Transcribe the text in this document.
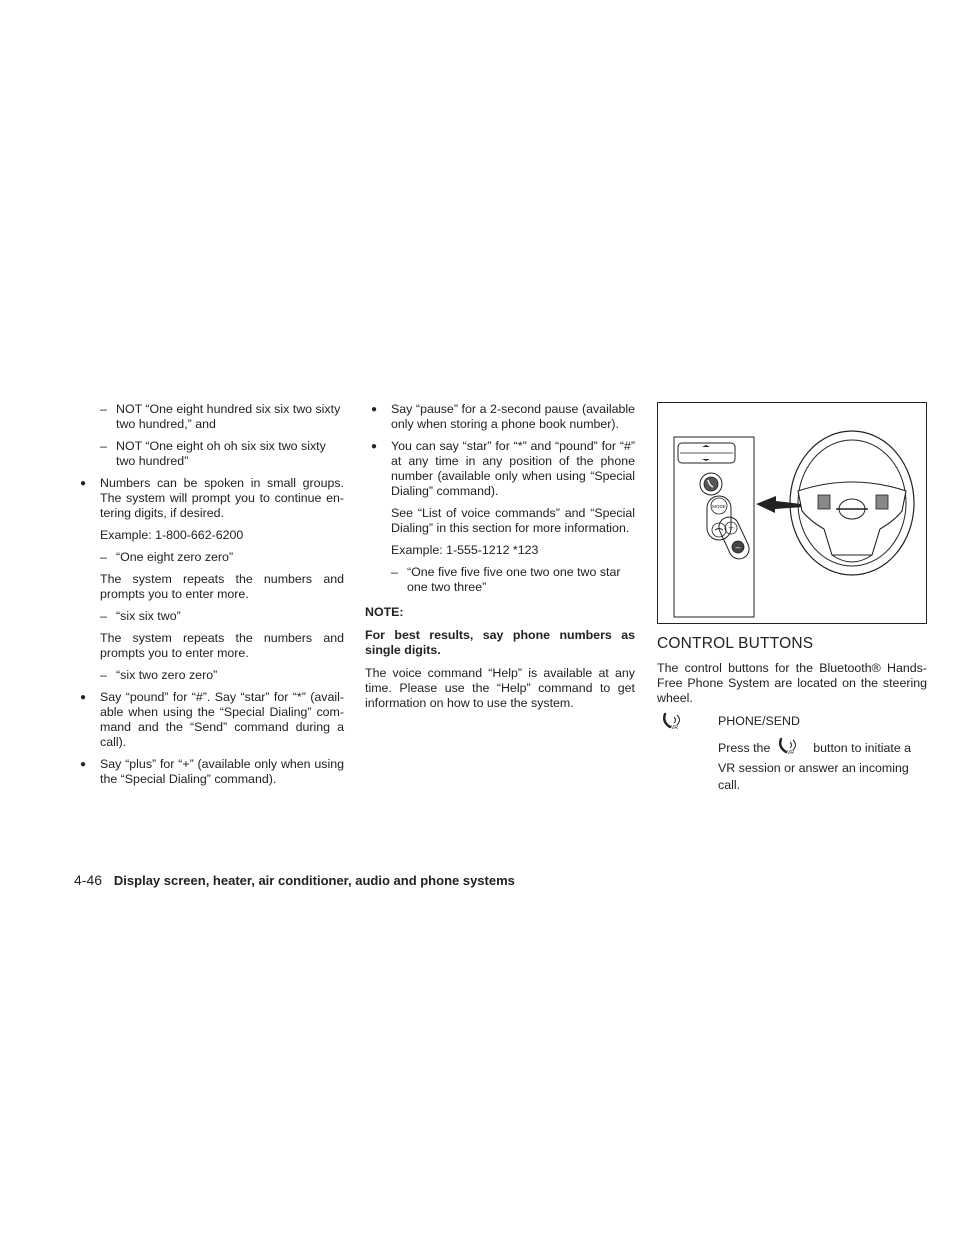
– NOT “One eight hundred six six two sixty two hundred,” and
– NOT “One eight oh oh six six two sixty two hundred”
● Numbers can be spoken in small groups. The system will prompt you to continue en-tering digits, if desired.
Example: 1-800-662-6200
– “One eight zero zero”
The system repeats the numbers and prompts you to enter more.
– “six six two”
The system repeats the numbers and prompts you to enter more.
– “six two zero zero”
● Say “pound” for “#”. Say “star” for “*” (avail-able when using the “Special Dialing” com-mand and the “Send” command during a call).
● Say “plus” for “+” (available only when using the “Special Dialing” command).
● Say “pause” for a 2-second pause (available only when storing a phone book number).
● You can say “star” for “*” and “pound” for “#” at any time in any position of the phone number (available only when using “Special Dialing” command).
See “List of voice commands” and “Special Dialing” in this section for more information.
Example: 1-555-1212 *123
– “One five five five one two one two star one two three”

NOTE:

For best results, say phone numbers as single digits.

The voice command “Help” is available at any time. Please use the “Help” command to get information on how to use the system.

MODE
+
–
CONTROL BUTTONS

The control buttons for the Bluetooth® Hands-Free Phone System are located on the steering wheel.

VR	PHONE/SEND

Press the	VR button to initiate a VR session or answer an incoming call.

4-46 Display screen, heater, air conditioner, audio and phone systems
